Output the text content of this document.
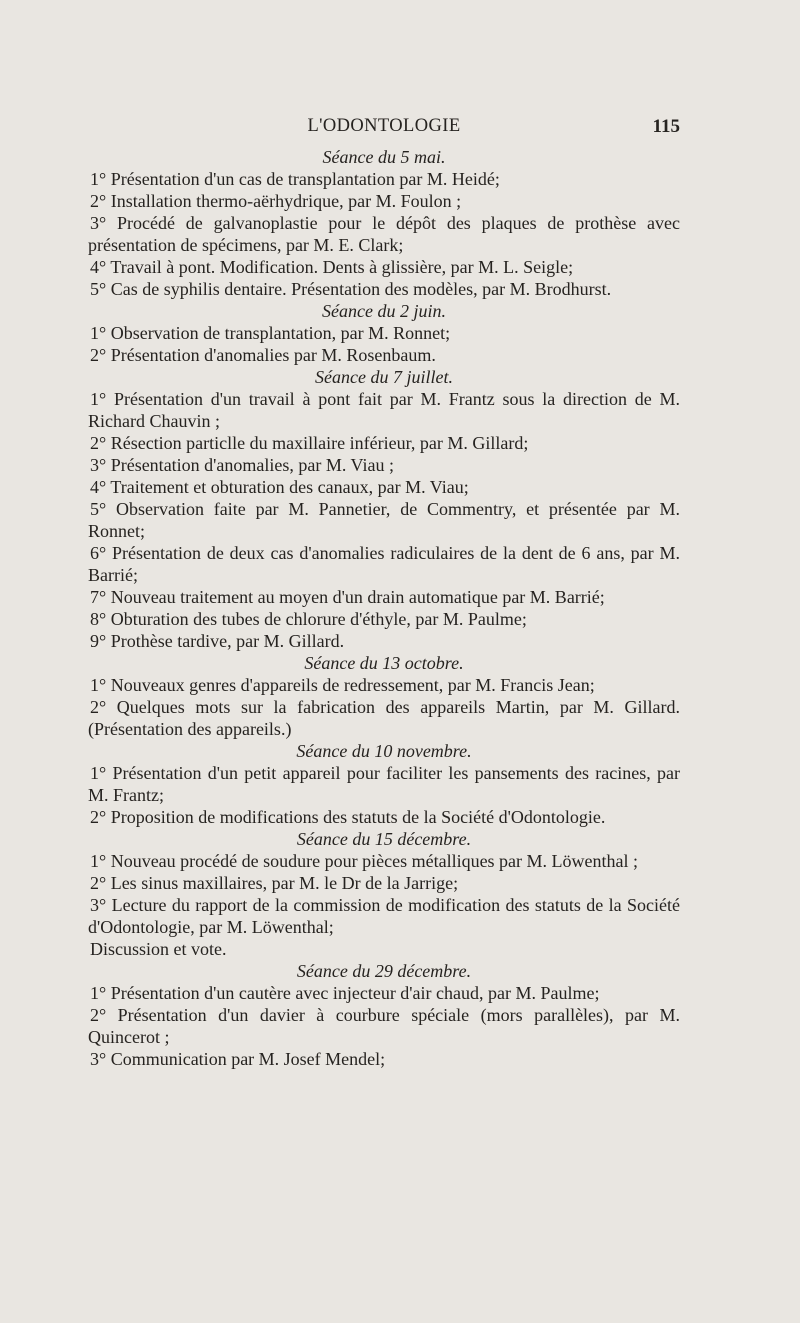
L'ODONTOLOGIE	115
Séance du 5 mai.

1° Présentation d'un cas de transplantation par M. Heidé;

2° Installation thermo-aërhydrique, par M. Foulon ;

3° Procédé de galvanoplastie pour le dépôt des plaques de prothèse avec présentation de spécimens, par M. E. Clark;

4° Travail à pont. Modification. Dents à glissière, par M. L. Seigle;

5° Cas de syphilis dentaire. Présentation des modèles, par M. Brodhurst.

Séance du 2 juin.

1° Observation de transplantation, par M. Ronnet;

2° Présentation d'anomalies par M. Rosenbaum.

Séance du 7 juillet.

1° Présentation d'un travail à pont fait par M. Frantz sous la direction de M. Richard Chauvin ;

2° Résection particlle du maxillaire inférieur, par M. Gillard;

3° Présentation d'anomalies, par M. Viau ;

4° Traitement et obturation des canaux, par M. Viau;

5° Observation faite par M. Pannetier, de Commentry, et présentée par M. Ronnet;

6° Présentation de deux cas d'anomalies radiculaires de la dent de 6 ans, par M. Barrié;

7° Nouveau traitement au moyen d'un drain automatique par M. Barrié;

8° Obturation des tubes de chlorure d'éthyle, par M. Paulme;

9° Prothèse tardive, par M. Gillard.

Séance du 13 octobre.

1° Nouveaux genres d'appareils de redressement, par M. Francis Jean;

2° Quelques mots sur la fabrication des appareils Martin, par M. Gillard. (Présentation des appareils.)

Séance du 10 novembre.

1° Présentation d'un petit appareil pour faciliter les pansements des racines, par M. Frantz;

2° Proposition de modifications des statuts de la Société d'Odontologie.

Séance du 15 décembre.

1° Nouveau procédé de soudure pour pièces métalliques par M. Löwenthal ;

2° Les sinus maxillaires, par M. le Dr de la Jarrige;

3° Lecture du rapport de la commission de modification des statuts de la Société d'Odontologie, par M. Löwenthal;

Discussion et vote.

Séance du 29 décembre.

1° Présentation d'un cautère avec injecteur d'air chaud, par M. Paulme;

2° Présentation d'un davier à courbure spéciale (mors parallèles), par M. Quincerot ;

3° Communication par M. Josef Mendel;
